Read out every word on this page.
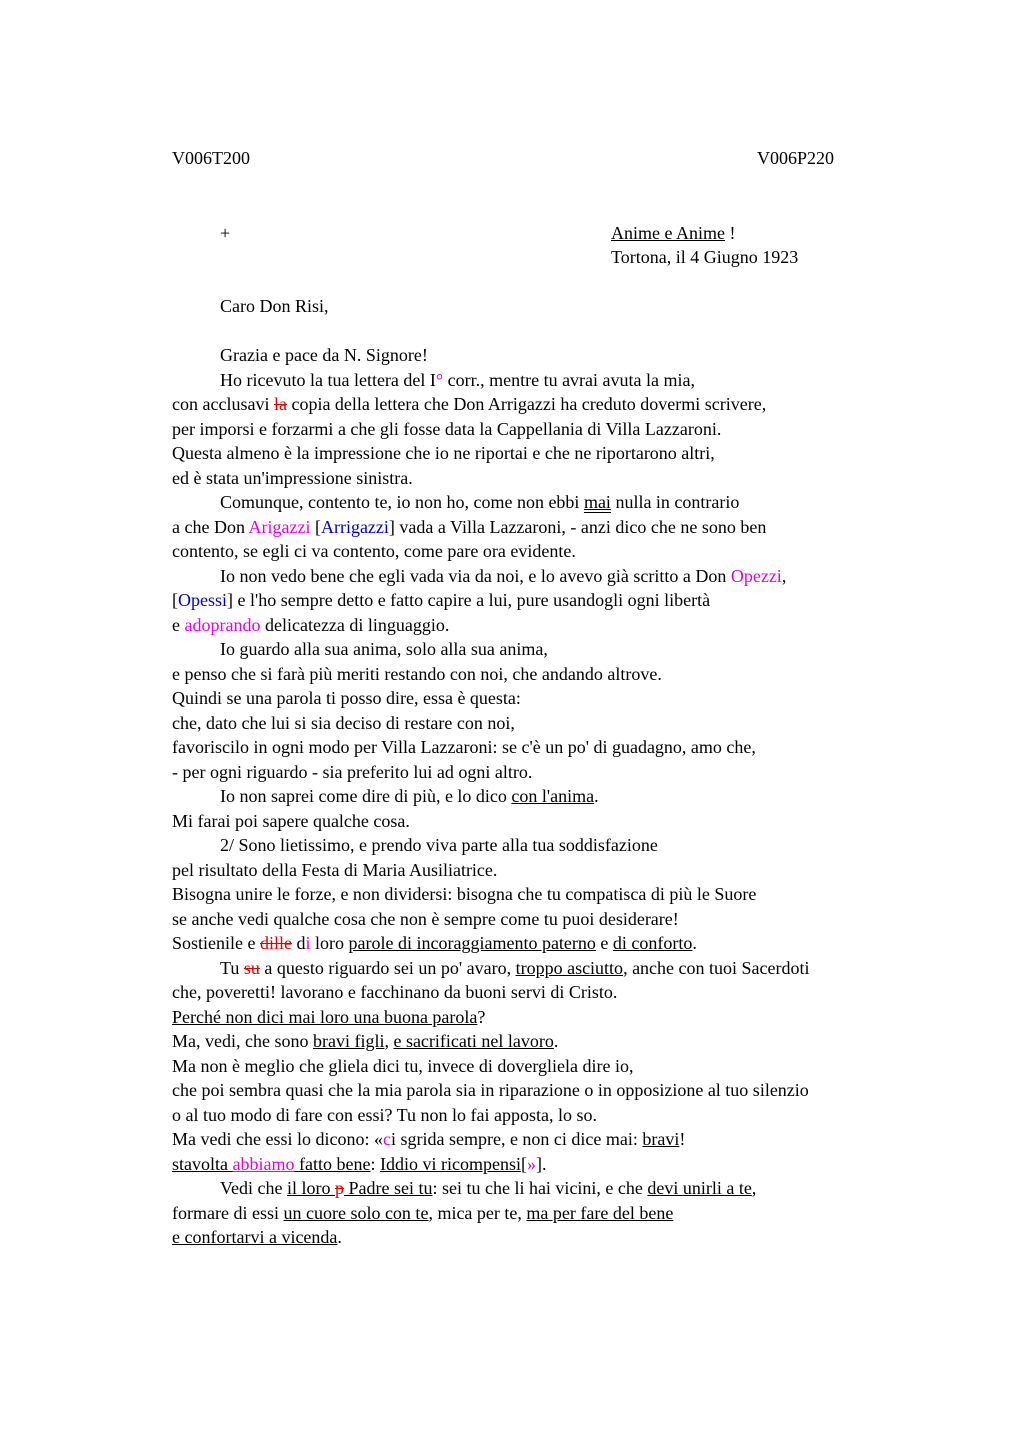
V006T200	V006P220
+	Anime e Anime !
Tortona, il 4 Giugno 1923
Caro Don Risi,
Grazia e pace da N. Signore!
Ho ricevuto la tua lettera del I° corr., mentre tu avrai avuta la mia,
con acclusavi la copia della lettera che Don Arrigazzi ha creduto dovermi scrivere,
per imporsi e forzarmi a che gli fosse data la Cappellania di Villa Lazzaroni.
Questa almeno è la impressione che io ne riportai e che ne riportarono altri,
ed è stata un'impressione sinistra.
Comunque, contento te, io non ho, come non ebbi mai nulla in contrario
a che Don Arigazzi [Arrigazzi] vada a Villa Lazzaroni, - anzi dico che ne sono ben
contento, se egli ci va contento, come pare ora evidente.
Io non vedo bene che egli vada via da noi, e lo avevo già scritto a Don Opezzi,
[Opessi] e l'ho sempre detto e fatto capire a lui, pure usandogli ogni libertà
e adoprando delicatezza di linguaggio.
Io guardo alla sua anima, solo alla sua anima,
e penso che si farà più meriti restando con noi, che andando altrove.
Quindi se una parola ti posso dire, essa è questa:
che, dato che lui si sia deciso di restare con noi,
favoriscilo in ogni modo per Villa Lazzaroni: se c'è un po' di guadagno, amo che,
- per ogni riguardo - sia preferito lui ad ogni altro.
Io non saprei come dire di più, e lo dico con l'anima.
Mi farai poi sapere qualche cosa.
2/ Sono lietissimo, e prendo viva parte alla tua soddisfazione
pel risultato della Festa di Maria Ausiliatrice.
Bisogna unire le forze, e non dividersi: bisogna che tu compatisca di più le Suore
se anche vedi qualche cosa che non è sempre come tu puoi desiderare!
Sostienile e dille di loro parole di incoraggiamento paterno e di conforto.
Tu su a questo riguardo sei un po' avaro, troppo asciutto, anche con tuoi Sacerdoti
che, poveretti! lavorano e facchinano da buoni servi di Cristo.
Perché non dici mai loro una buona parola?
Ma, vedi, che sono bravi figli, e sacrificati nel lavoro.
Ma non è meglio che gliela dici tu, invece di dovergliela dire io,
che poi sembra quasi che la mia parola sia in riparazione o in opposizione al tuo silenzio
o al tuo modo di fare con essi? Tu non lo fai apposta, lo so.
Ma vedi che essi lo dicono: «ci sgrida sempre, e non ci dice mai: bravi!
stavolta abbiamo fatto bene: Iddio vi ricompensi[»].
Vedi che il loro p Padre sei tu: sei tu che li hai vicini, e che devi unirli a te,
formare di essi un cuore solo con te, mica per te, ma per fare del bene
e confortarvi a vicenda.
